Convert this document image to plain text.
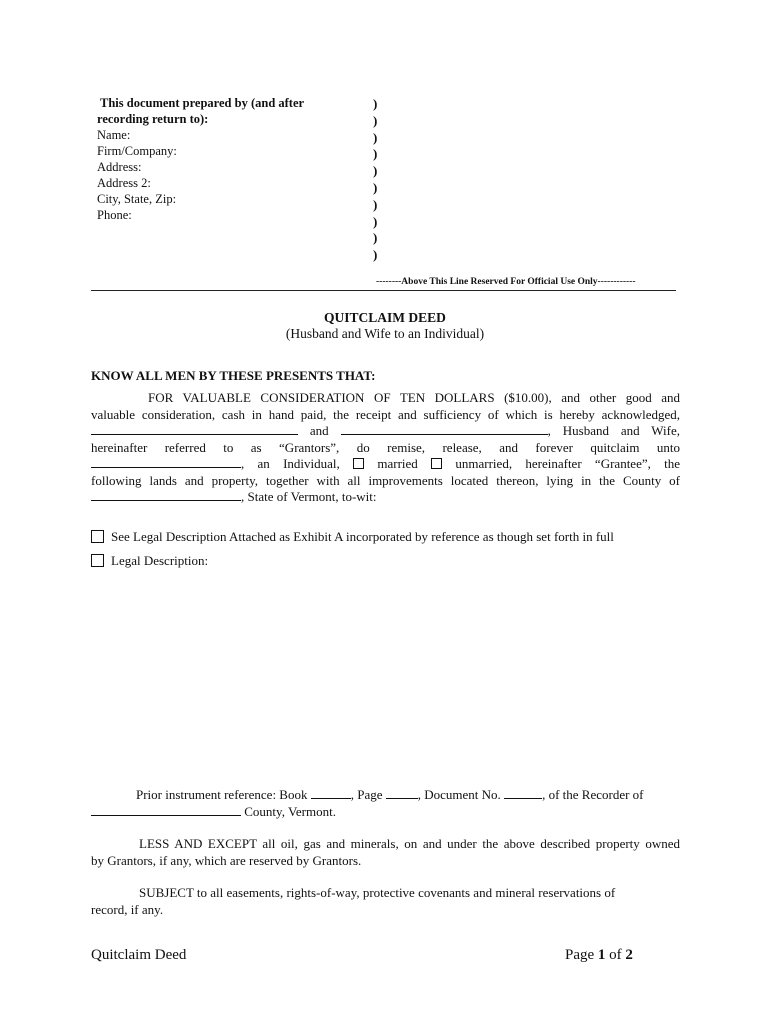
This document prepared by (and after
recording return to):
Name:
Firm/Company:
Address:
Address 2:
City, State, Zip:
Phone:
)
)
)
)
)
)
)
)
)
)
--------Above This Line Reserved For Official Use Only------------
QUITCLAIM DEED
(Husband and Wife to an Individual)
KNOW ALL MEN BY THESE PRESENTS THAT:
FOR VALUABLE CONSIDERATION OF TEN DOLLARS ($10.00), and other good and
valuable consideration, cash in hand paid, the receipt and sufficiency of which is hereby acknowledged,
and	, Husband and Wife,
hereinafter referred to as “Grantors”, do remise, release, and forever quitclaim unto
, an Individual,	married	unmarried, hereinafter “Grantee”, the
following lands and property, together with all improvements located thereon, lying in the County of
, State of Vermont, to-wit:
See Legal Description Attached as Exhibit A incorporated by reference as though set forth in full
Legal Description:
Prior instrument reference: Book	, Page	, Document No.	, of the Recorder of
County, Vermont.
LESS AND EXCEPT all oil, gas and minerals, on and under the above described property owned
by Grantors, if any, which are reserved by Grantors.
SUBJECT to all easements, rights-of-way, protective covenants and mineral reservations of
record, if any.
Quitclaim Deed	Page 1 of 2
